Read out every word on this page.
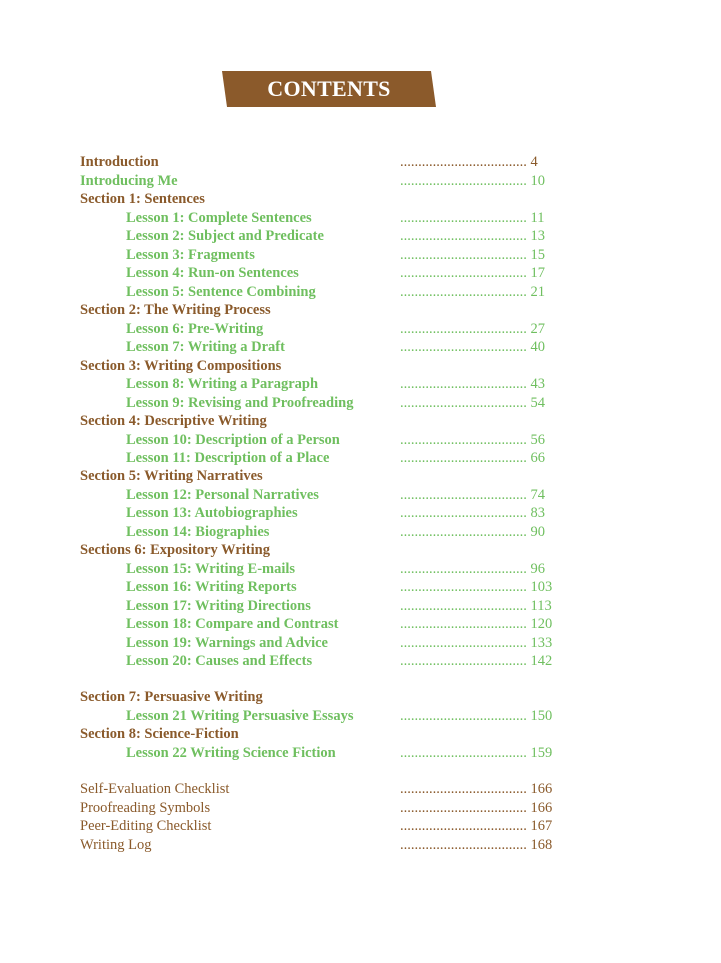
CONTENTS
Introduction	................................... 4
Introducing Me	................................... 10
Section 1: Sentences
Lesson 1: Complete Sentences	................................... 11
Lesson 2: Subject and Predicate	................................... 13
Lesson 3: Fragments	................................... 15
Lesson 4: Run-on Sentences	................................... 17
Lesson 5: Sentence Combining	................................... 21
Section 2: The Writing Process
Lesson 6: Pre-Writing	................................... 27
Lesson 7: Writing a Draft	................................... 40
Section 3: Writing Compositions
Lesson 8: Writing a Paragraph	................................... 43
Lesson 9: Revising and Proofreading	................................... 54
Section 4: Descriptive Writing
Lesson 10: Description of a Person	................................... 56
Lesson 11: Description of a Place	................................... 66
Section 5: Writing Narratives
Lesson 12: Personal Narratives	................................... 74
Lesson 13: Autobiographies	................................... 83
Lesson 14: Biographies	................................... 90
Sections 6: Expository Writing
Lesson 15: Writing E-mails	................................... 96
Lesson 16: Writing Reports	................................... 103
Lesson 17: Writing Directions	................................... 113
Lesson 18: Compare and Contrast	................................... 120
Lesson 19: Warnings and Advice	................................... 133
Lesson 20: Causes and Effects	................................... 142
Section 7: Persuasive Writing
Lesson 21 Writing Persuasive Essays	................................... 150
Section 8: Science-Fiction
Lesson 22 Writing Science Fiction	................................... 159
Self-Evaluation Checklist	................................... 166
Proofreading Symbols	................................... 166
Peer-Editing Checklist	................................... 167
Writing Log	................................... 168
